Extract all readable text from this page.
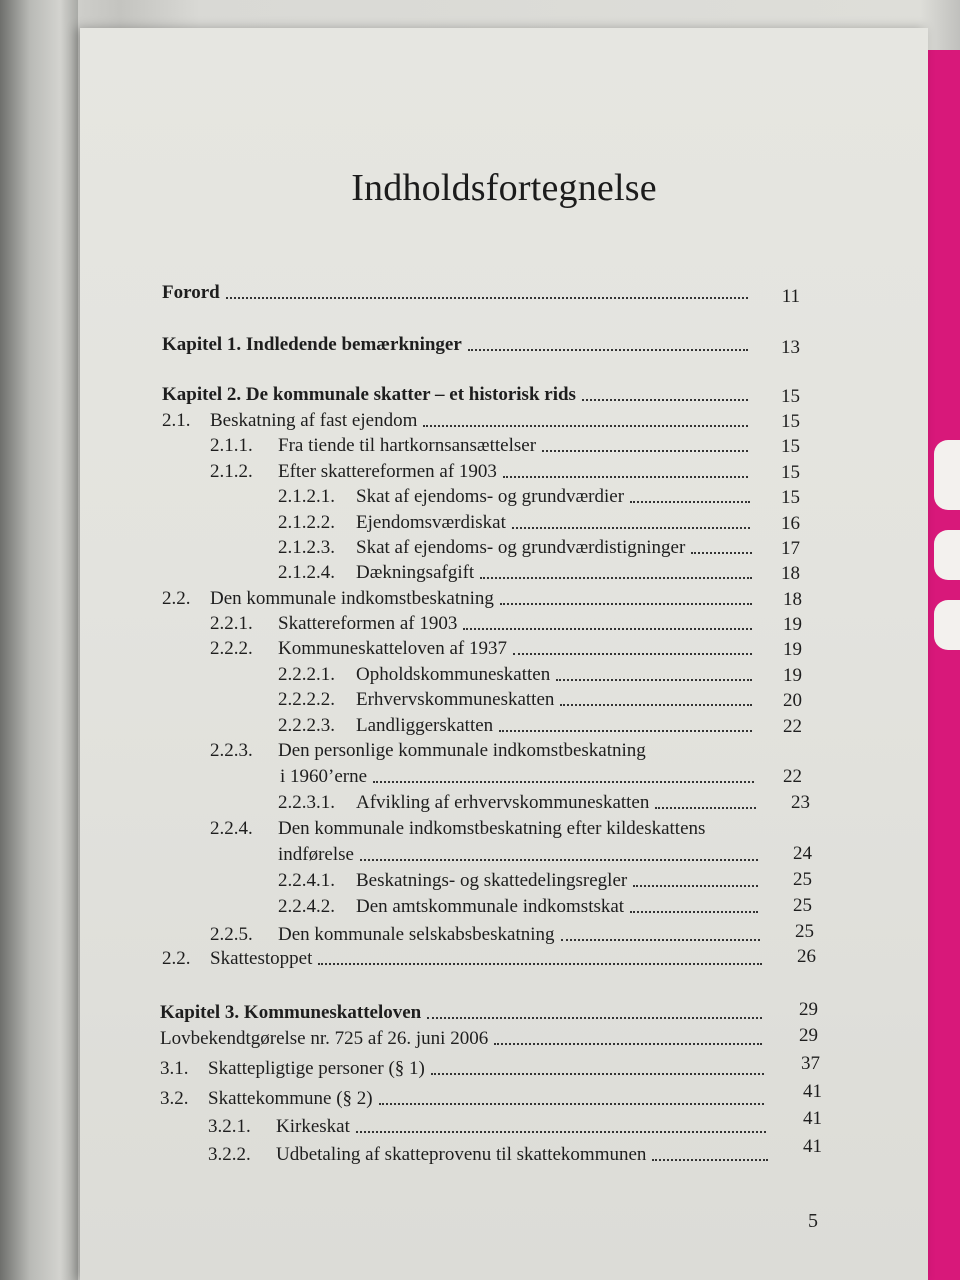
Indholdsfortegnelse
Forord	11
Kapitel 1. Indledende bemærkninger	13
Kapitel 2. De kommunale skatter – et historisk rids	15
2.1.	Beskatning af fast ejendom	15
2.1.1.	Fra tiende til hartkornsansættelser	15
2.1.2.	Efter skattereformen af 1903	15
2.1.2.1.	Skat af ejendoms- og grundværdier	15
2.1.2.2.	Ejendomsværdiskat	16
2.1.2.3.	Skat af ejendoms- og grundværdistigninger	17
2.1.2.4.	Dækningsafgift	18
2.2.	Den kommunale indkomstbeskatning	18
2.2.1.	Skattereformen af 1903	19
2.2.2.	Kommuneskatteloven af 1937	19
2.2.2.1.	Opholdskommuneskatten	19
2.2.2.2.	Erhvervskommuneskatten	20
2.2.2.3.	Landliggerskatten	22
2.2.3. Den personlige kommunale indkomstbeskatning
i 1960’erne	22
2.2.3.1.	Afvikling af erhvervskommuneskatten	23
2.2.4. Den kommunale indkomstbeskatning efter kildeskattens
indførelse	24
2.2.4.1.	Beskatnings- og skattedelingsregler	25
2.2.4.2.	Den amtskommunale indkomstskat	25
2.2.5.	Den kommunale selskabsbeskatning	25
2.2.	Skattestoppet	26
Kapitel 3. Kommuneskatteloven	29
Lovbekendtgørelse nr. 725 af 26. juni 2006	29
3.1.	Skattepligtige personer (§ 1)	37
3.2.	Skattekommune (§ 2)	41
3.2.1.	Kirkeskat	41
3.2.2.	Udbetaling af skatteprovenu til skattekommunen	41
5
